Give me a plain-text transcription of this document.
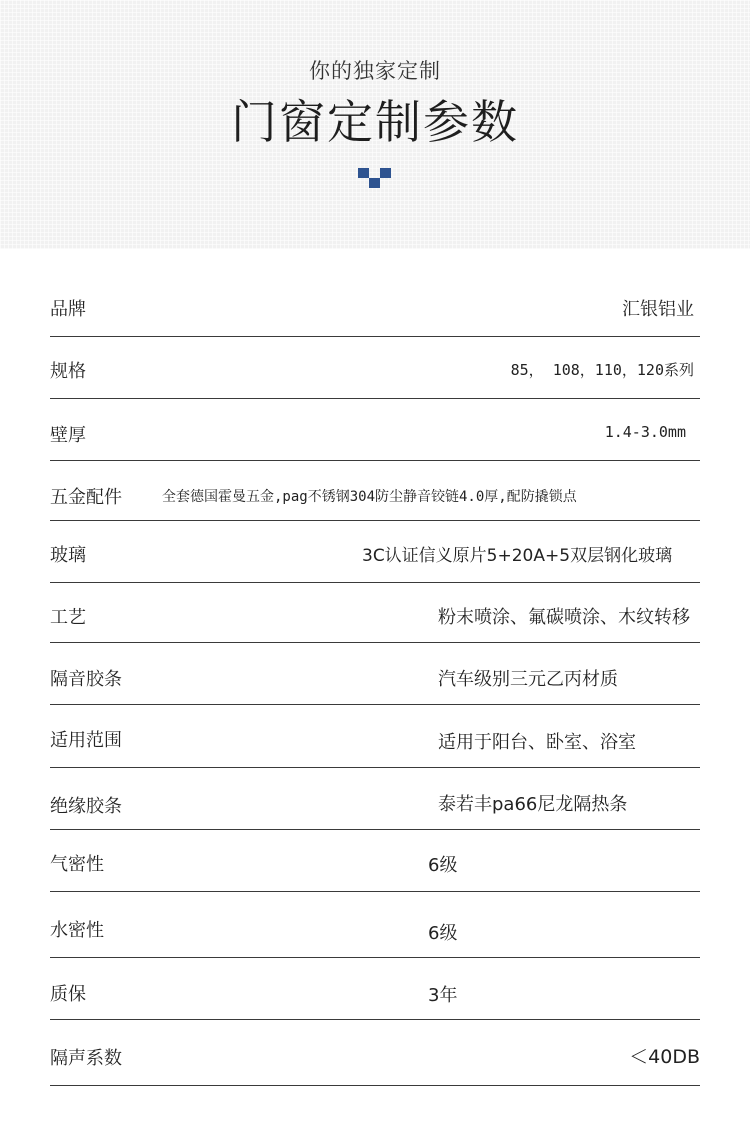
你的独家定制
门窗定制参数
品牌	汇银铝业
规格	85， 108，110，120系列
壁厚	1.4-3.0mm
五金配件	全套德国霍曼五金,pag不锈钢304防尘静音铰链4.0厚,配防撬锁点
玻璃	3C认证信义原片5+20A+5双层钢化玻璃
工艺	粉末喷涂、氟碳喷涂、木纹转移
隔音胶条	汽车级别三元乙丙材质
适用范围	适用于阳台、卧室、浴室
绝缘胶条	泰若丰pa66尼龙隔热条
气密性	6级
水密性	6级
质保	3年
隔声系数	＜40DB
